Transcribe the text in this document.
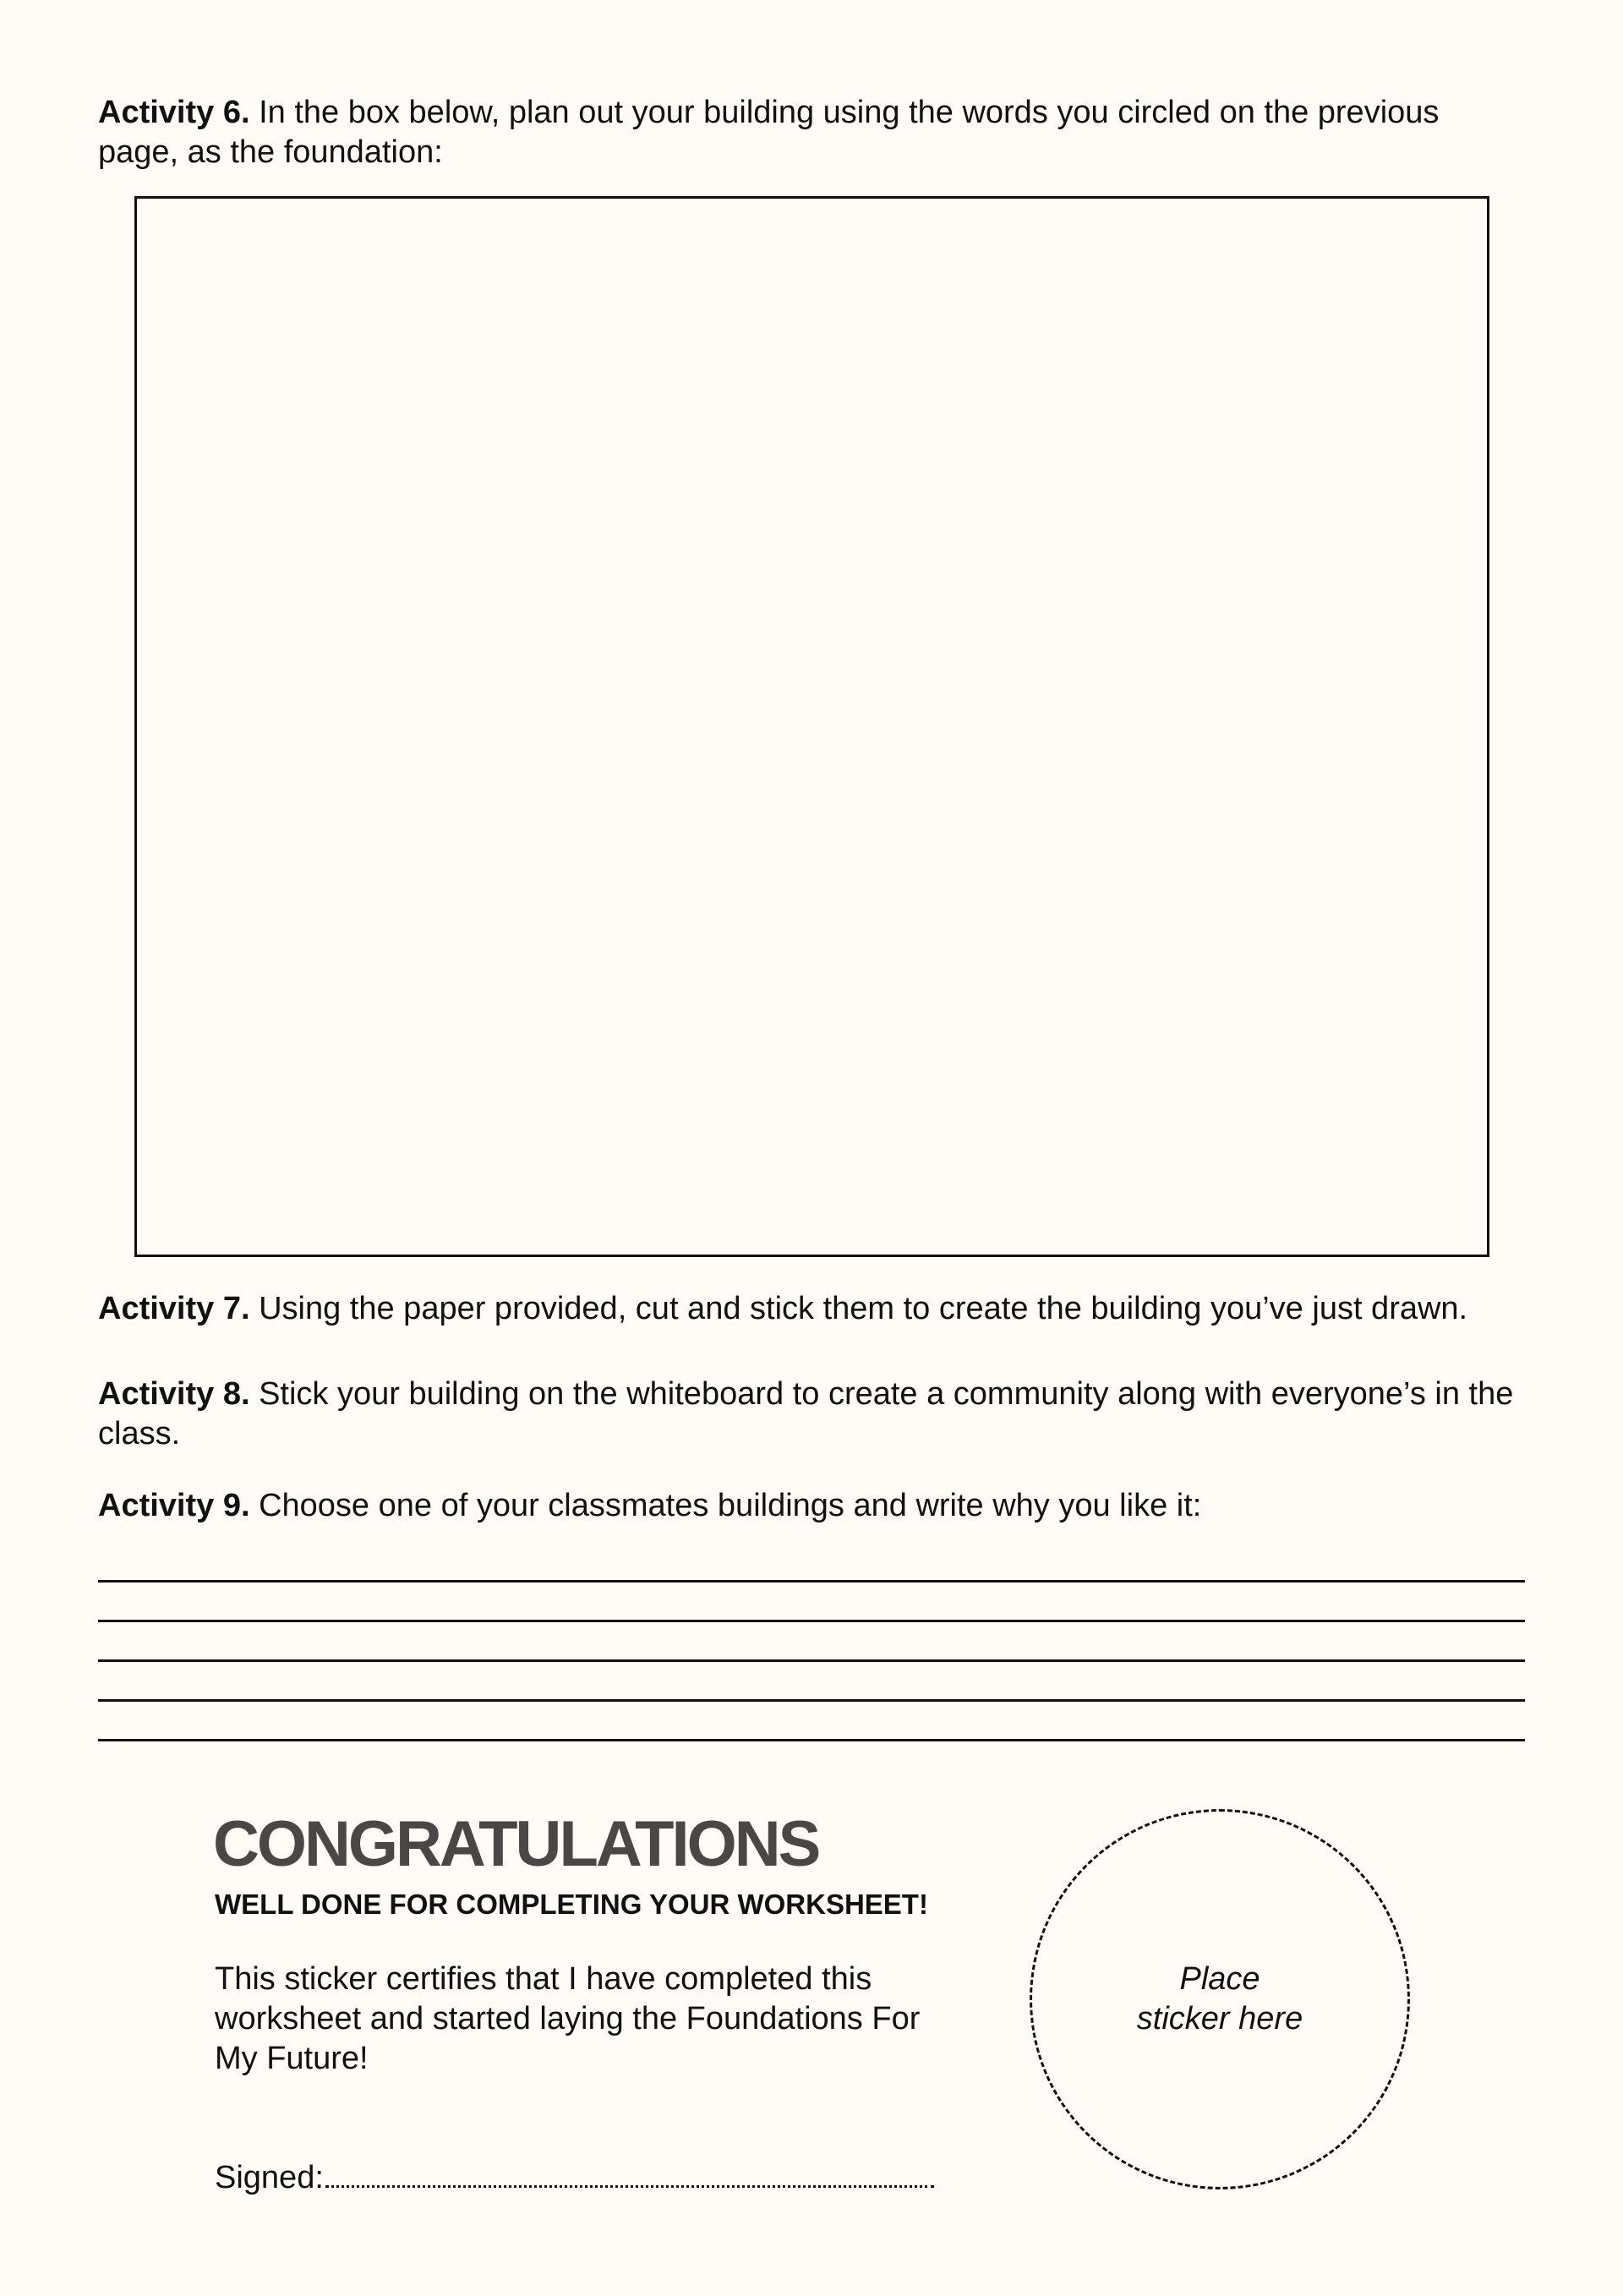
Activity 6. In the box below, plan out your building using the words you circled on the previous page, as the foundation:
Activity 7. Using the paper provided, cut and stick them to create the building you’ve just drawn.
Activity 8. Stick your building on the whiteboard to create a community along with everyone’s in the class.
Activity 9. Choose one of your classmates buildings and write why you like it:
CONGRATULATIONS
WELL DONE FOR COMPLETING YOUR WORKSHEET!
This sticker certifies that I have completed this worksheet and started laying the Foundations For My Future!
Signed:
Place sticker here
